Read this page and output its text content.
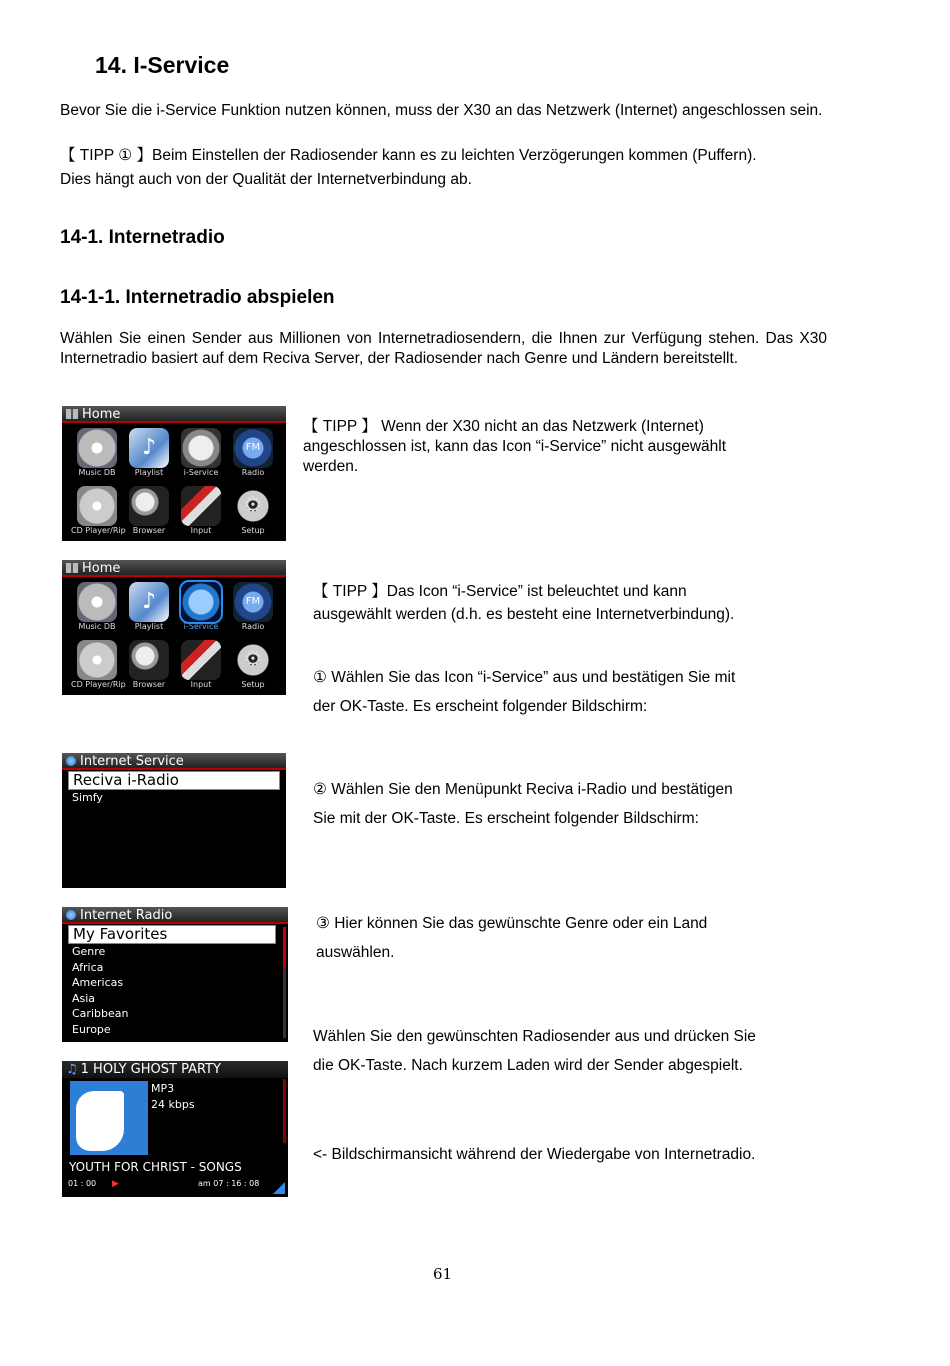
14. I-Service
Bevor Sie die i-Service Funktion nutzen können, muss der X30 an das Netzwerk (Internet) angeschlossen sein.
【 TIPP ① 】Beim Einstellen der Radiosender kann es zu leichten Verzögerungen kommen (Puffern).
Dies hängt auch von der Qualität der Internetverbindung ab.
14-1. Internetradio
14-1-1. Internetradio abspielen
Wählen Sie einen Sender aus Millionen von Internetradiosendern, die Ihnen zur Verfügung stehen. Das X30 Internetradio basiert auf dem Reciva Server, der Radiosender nach Genre und Ländern bereitstellt.
Home
Music DB
♪
Playlist	i-Service
FM
Radio
CD Player/Rip Browser	Input
⚙
Setup
【 TIPP 】 Wenn der X30 nicht an das Netzwerk (Internet)
angeschlossen ist, kann das Icon “i-Service” nicht ausgewählt
werden.
Home
Music DB
♪
Playlist	i-Service
FM
Radio
CD Player/Rip Browser	Input
⚙
Setup
【 TIPP 】Das Icon “i-Service” ist beleuchtet und kann
ausgewählt werden (d.h. es besteht eine Internetverbindung).
① Wählen Sie das Icon “i-Service” aus und bestätigen Sie mit
der OK-Taste. Es erscheint folgender Bildschirm:
Internet Service
Reciva i-Radio
Simfy	② Wählen Sie den Menüpunkt Reciva i-Radio und bestätigen
Sie mit der OK-Taste. Es erscheint folgender Bildschirm:
Internet Radio
My Favorites
Genre
Africa
Americas
Asia
Caribbean
Europe
③ Hier können Sie das gewünschte Genre oder ein Land
auswählen.
Wählen Sie den gewünschten Radiosender aus und drücken Sie
die OK-Taste. Nach kurzem Laden wird der Sender abgespielt.
♫ 1 HOLY GHOST PARTY
MP3
24 kbps
YOUTH FOR CHRIST - SONGS
01 : 00 ▶	am 07 : 16 : 08
<- Bildschirmansicht während der Wiedergabe von Internetradio.
61
